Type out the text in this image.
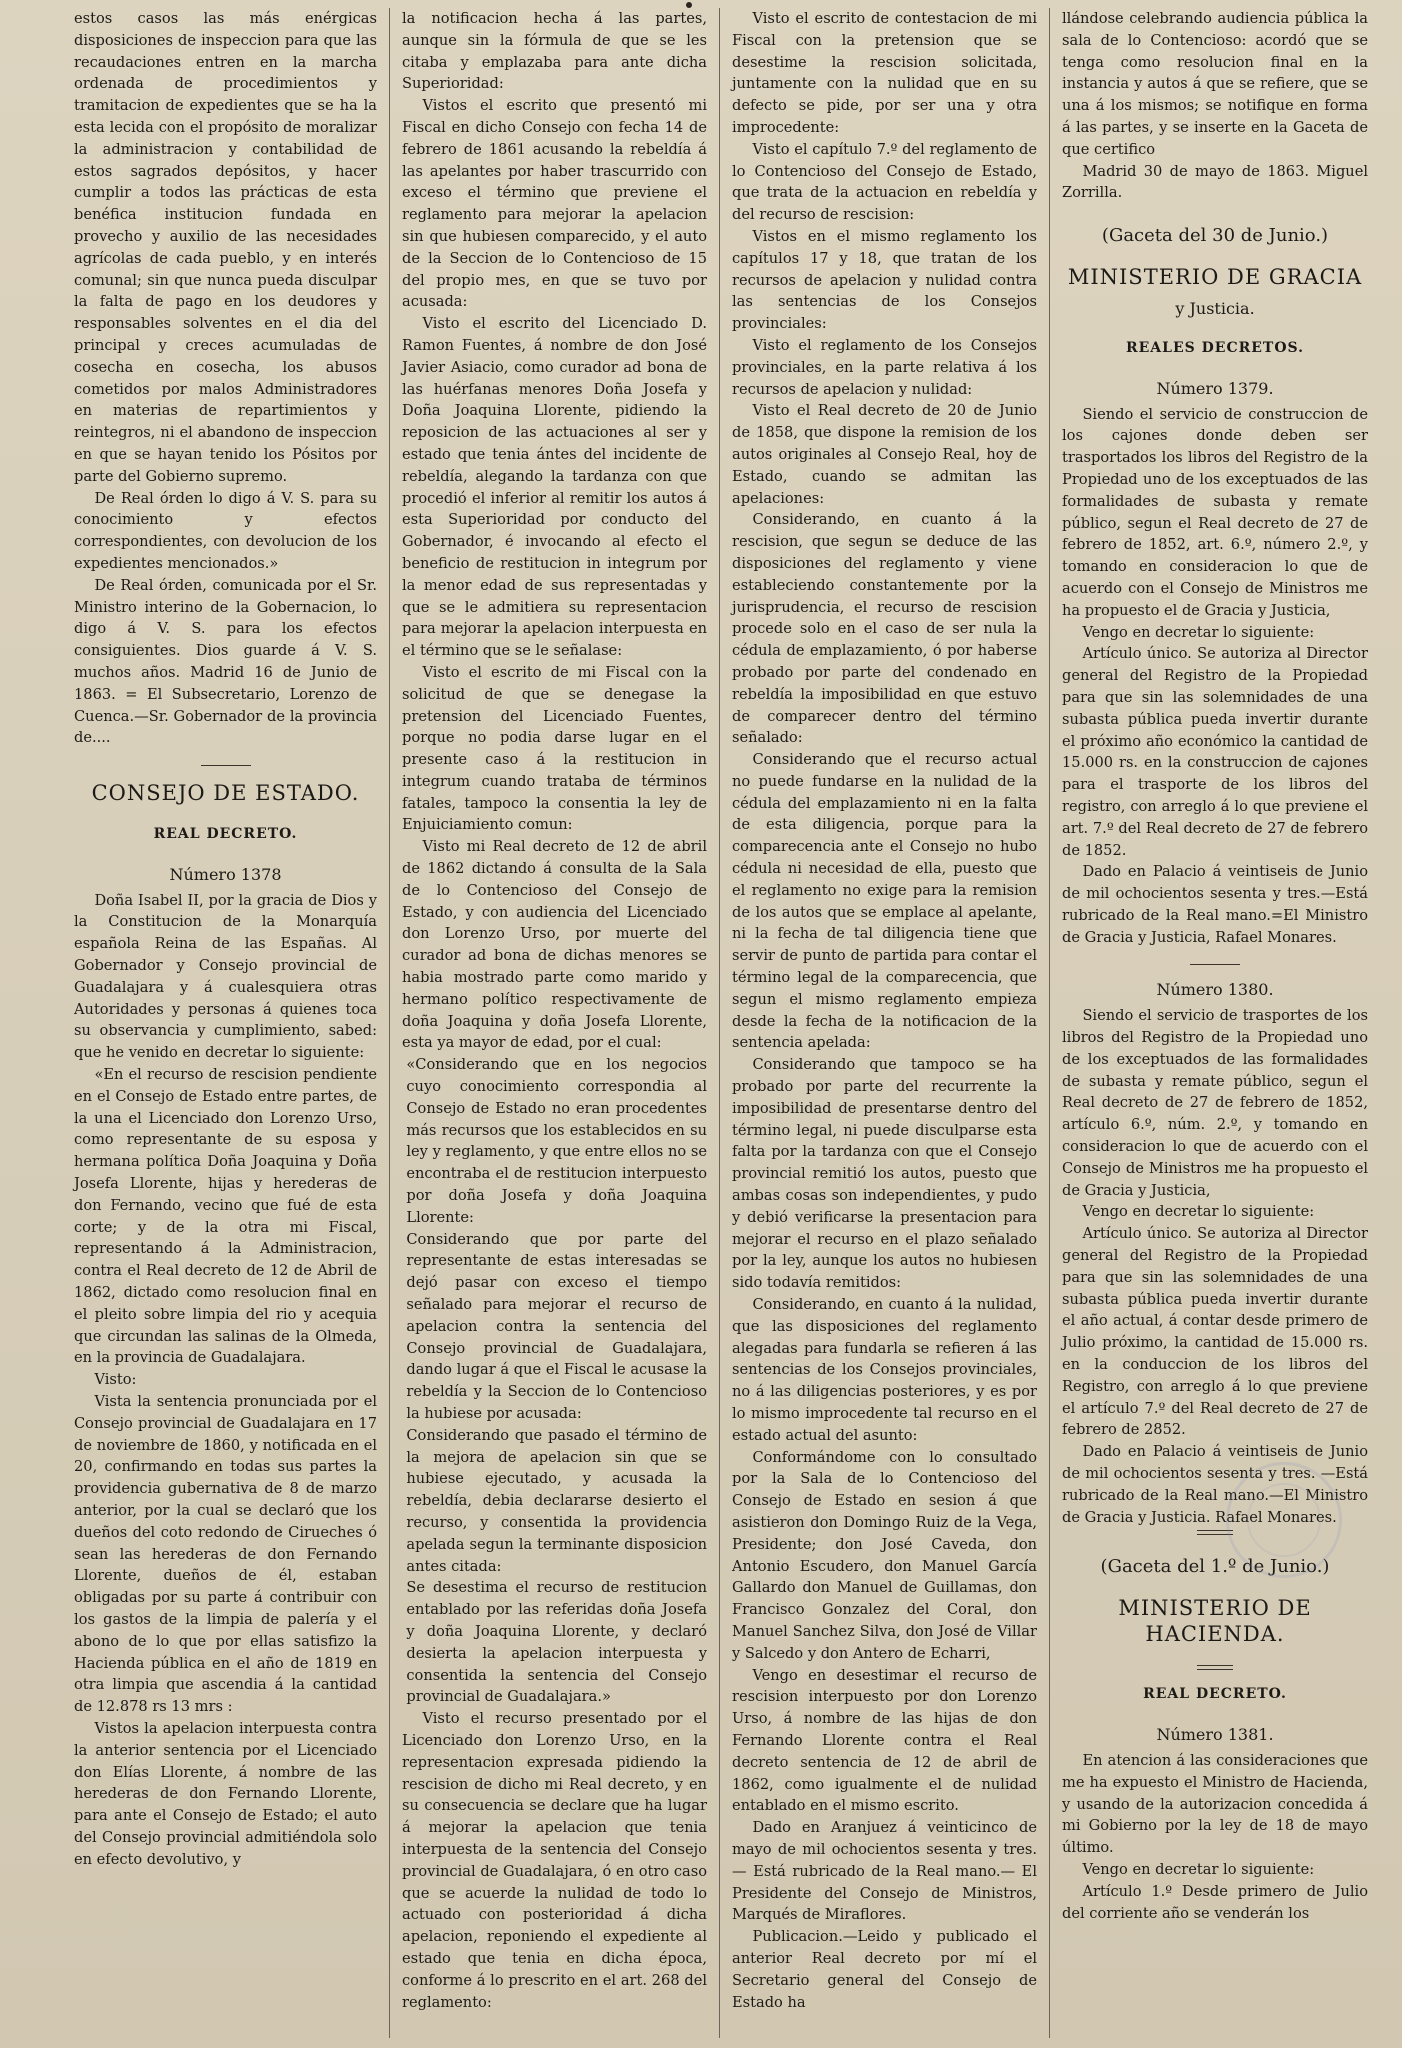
estos casos las más enérgicas disposiciones de inspeccion para que las recaudaciones entren en la marcha ordenada de procedimientos y tramitacion de expedientes que se ha la esta lecida con el propósito de moralizar la administracion y contabilidad de estos sagrados depósitos, y hacer cumplir a todos las prácticas de esta benéfica institucion fundada en provecho y auxilio de las necesidades agrícolas de cada pueblo, y en interés comunal; sin que nunca pueda disculpar la falta de pago en los deudores y responsables solventes en el dia del principal y creces acumuladas de cosecha en cosecha, los abusos cometidos por malos Administradores en materias de repartimientos y reintegros, ni el abandono de inspeccion en que se hayan tenido los Pósitos por parte del Gobierno supremo.

De Real órden lo digo á V. S. para su conocimiento y efectos correspondientes, con devolucion de los expedientes mencionados.»

De Real órden, comunicada por el Sr. Ministro interino de la Gobernacion, lo digo á V. S. para los efectos consiguientes. Dios guarde á V. S. muchos años. Madrid 16 de Junio de 1863. = El Subsecretario, Lorenzo de Cuenca.—Sr. Gobernador de la provincia de....

CONSEJO DE ESTADO.
REAL DECRETO.
Número 1378

Doña Isabel II, por la gracia de Dios y la Constitucion de la Monarquía española Reina de las Españas. Al Gobernador y Consejo provincial de Guadalajara y á cualesquiera otras Autoridades y personas á quienes toca su observancia y cumplimiento, sabed: que he venido en decretar lo siguiente:

«En el recurso de rescision pendiente en el Consejo de Estado entre partes, de la una el Licenciado don Lorenzo Urso, como representante de su esposa y hermana política Doña Joaquina y Doña Josefa Llorente, hijas y herederas de don Fernando, vecino que fué de esta corte; y de la otra mi Fiscal, representando á la Administracion, contra el Real decreto de 12 de Abril de 1862, dictado como resolucion final en el pleito sobre limpia del rio y acequia que circundan las salinas de la Olmeda, en la provincia de Guadalajara.

Visto:

Vista la sentencia pronunciada por el Consejo provincial de Guadalajara en 17 de noviembre de 1860, y notificada en el 20, confirmando en todas sus partes la providencia gubernativa de 8 de marzo anterior, por la cual se declaró que los dueños del coto redondo de Cirueches ó sean las herederas de don Fernando Llorente, dueños de él, estaban obligadas por su parte á contribuir con los gastos de la limpia de palería y el abono de lo que por ellas satisfizo la Hacienda pública en el año de 1819 en otra limpia que ascendia á la cantidad de 12.878 rs 13 mrs :

Vistos la apelacion interpuesta contra la anterior sentencia por el Licenciado don Elías Llorente, á nombre de las herederas de don Fernando Llorente, para ante el Consejo de Estado; el auto del Consejo provincial admitiéndola solo en efecto devolutivo, y

la notificacion hecha á las partes, aunque sin la fórmula de que se les citaba y emplazaba para ante dicha Superioridad:

Vistos el escrito que presentó mi Fiscal en dicho Consejo con fecha 14 de febrero de 1861 acusando la rebeldía á las apelantes por haber trascurrido con exceso el término que previene el reglamento para mejorar la apelacion sin que hubiesen comparecido, y el auto de la Seccion de lo Contencioso de 15 del propio mes, en que se tuvo por acusada:

Visto el escrito del Licenciado D. Ramon Fuentes, á nombre de don José Javier Asiacio, como curador ad bona de las huérfanas menores Doña Josefa y Doña Joaquina Llorente, pidiendo la reposicion de las actuaciones al ser y estado que tenia ántes del incidente de rebeldía, alegando la tardanza con que procedió el inferior al remitir los autos á esta Superioridad por conducto del Gobernador, é invocando al efecto el beneficio de restitucion in integrum por la menor edad de sus representadas y que se le admitiera su representacion para mejorar la apelacion interpuesta en el término que se le señalase:

Visto el escrito de mi Fiscal con la solicitud de que se denegase la pretension del Licenciado Fuentes, porque no podia darse lugar en el presente caso á la restitucion in integrum cuando trataba de términos fatales, tampoco la consentia la ley de Enjuiciamiento comun:

Visto mi Real decreto de 12 de abril de 1862 dictando á consulta de la Sala de lo Contencioso del Consejo de Estado, y con audiencia del Licenciado don Lorenzo Urso, por muerte del curador ad bona de dichas menores se habia mostrado parte como marido y hermano político respectivamente de doña Joaquina y doña Josefa Llorente, esta ya mayor de edad, por el cual:

«Considerando que en los negocios cuyo conocimiento correspondia al Consejo de Estado no eran procedentes más recursos que los establecidos en su ley y reglamento, y que entre ellos no se encontraba el de restitucion interpuesto por doña Josefa y doña Joaquina Llorente:

Considerando que por parte del representante de estas interesadas se dejó pasar con exceso el tiempo señalado para mejorar el recurso de apelacion contra la sentencia del Consejo provincial de Guadalajara, dando lugar á que el Fiscal le acusase la rebeldía y la Seccion de lo Contencioso la hubiese por acusada:

Considerando que pasado el término de la mejora de apelacion sin que se hubiese ejecutado, y acusada la rebeldía, debia declararse desierto el recurso, y consentida la providencia apelada segun la terminante disposicion antes citada:

Se desestima el recurso de restitucion entablado por las referidas doña Josefa y doña Joaquina Llorente, y declaró desierta la apelacion interpuesta y consentida la sentencia del Consejo provincial de Guadalajara.»

Visto el recurso presentado por el Licenciado don Lorenzo Urso, en la representacion expresada pidiendo la rescision de dicho mi Real decreto, y en su consecuencia se declare que ha lugar á mejorar la apelacion que tenia interpuesta de la sentencia del Consejo provincial de Guadalajara, ó en otro caso que se acuerde la nulidad de todo lo actuado con posterioridad á dicha apelacion, reponiendo el expediente al estado que tenia en dicha época, conforme á lo prescrito en el art. 268 del reglamento:

Visto el escrito de contestacion de mi Fiscal con la pretension que se desestime la rescision solicitada, juntamente con la nulidad que en su defecto se pide, por ser una y otra improcedente:

Visto el capítulo 7.º del reglamento de lo Contencioso del Consejo de Estado, que trata de la actuacion en rebeldía y del recurso de rescision:

Vistos en el mismo reglamento los capítulos 17 y 18, que tratan de los recursos de apelacion y nulidad contra las sentencias de los Consejos provinciales:

Visto el reglamento de los Consejos provinciales, en la parte relativa á los recursos de apelacion y nulidad:

Visto el Real decreto de 20 de Junio de 1858, que dispone la remision de los autos originales al Consejo Real, hoy de Estado, cuando se admitan las apelaciones:

Considerando, en cuanto á la rescision, que segun se deduce de las disposiciones del reglamento y viene estableciendo constantemente por la jurisprudencia, el recurso de rescision procede solo en el caso de ser nula la cédula de emplazamiento, ó por haberse probado por parte del condenado en rebeldía la imposibilidad en que estuvo de comparecer dentro del término señalado:

Considerando que el recurso actual no puede fundarse en la nulidad de la cédula del emplazamiento ni en la falta de esta diligencia, porque para la comparecencia ante el Consejo no hubo cédula ni necesidad de ella, puesto que el reglamento no exige para la remision de los autos que se emplace al apelante, ni la fecha de tal diligencia tiene que servir de punto de partida para contar el término legal de la comparecencia, que segun el mismo reglamento empieza desde la fecha de la notificacion de la sentencia apelada:

Considerando que tampoco se ha probado por parte del recurrente la imposibilidad de presentarse dentro del término legal, ni puede disculparse esta falta por la tardanza con que el Consejo provincial remitió los autos, puesto que ambas cosas son independientes, y pudo y debió verificarse la presentacion para mejorar el recurso en el plazo señalado por la ley, aunque los autos no hubiesen sido todavía remitidos:

Considerando, en cuanto á la nulidad, que las disposiciones del reglamento alegadas para fundarla se refieren á las sentencias de los Consejos provinciales, no á las diligencias posteriores, y es por lo mismo improcedente tal recurso en el estado actual del asunto:

Conformándome con lo consultado por la Sala de lo Contencioso del Consejo de Estado en sesion á que asistieron don Domingo Ruiz de la Vega, Presidente; don José Caveda, don Antonio Escudero, don Manuel García Gallardo don Manuel de Guillamas, don Francisco Gonzalez del Coral, don Manuel Sanchez Silva, don José de Villar y Salcedo y don Antero de Echarri,

Vengo en desestimar el recurso de rescision interpuesto por don Lorenzo Urso, á nombre de las hijas de don Fernando Llorente contra el Real decreto sentencia de 12 de abril de 1862, como igualmente el de nulidad entablado en el mismo escrito.

Dado en Aranjuez á veinticinco de mayo de mil ochocientos sesenta y tres. — Está rubricado de la Real mano.— El Presidente del Consejo de Ministros, Marqués de Miraflores.

Publicacion.—Leido y publicado el anterior Real decreto por mí el Secretario general del Consejo de Estado ha

llándose celebrando audiencia pública la sala de lo Contencioso: acordó que se tenga como resolucion final en la instancia y autos á que se refiere, que se una á los mismos; se notifique en forma á las partes, y se inserte en la Gaceta de que certifico

Madrid 30 de mayo de 1863. Miguel Zorrilla.

(Gaceta del 30 de Junio.)
MINISTERIO DE GRACIA
y Justicia.
REALES DECRETOS.
Número 1379.

Siendo el servicio de construccion de los cajones donde deben ser trasportados los libros del Registro de la Propiedad uno de los exceptuados de las formalidades de subasta y remate público, segun el Real decreto de 27 de febrero de 1852, art. 6.º, número 2.º, y tomando en consideracion lo que de acuerdo con el Consejo de Ministros me ha propuesto el de Gracia y Justicia,

Vengo en decretar lo siguiente:

Artículo único. Se autoriza al Director general del Registro de la Propiedad para que sin las solemnidades de una subasta pública pueda invertir durante el próximo año económico la cantidad de 15.000 rs. en la construccion de cajones para el trasporte de los libros del registro, con arreglo á lo que previene el art. 7.º del Real decreto de 27 de febrero de 1852.

Dado en Palacio á veintiseis de Junio de mil ochocientos sesenta y tres.—Está rubricado de la Real mano.=El Ministro de Gracia y Justicia, Rafael Monares.

Número 1380.

Siendo el servicio de trasportes de los libros del Registro de la Propiedad uno de los exceptuados de las formalidades de subasta y remate público, segun el Real decreto de 27 de febrero de 1852, artículo 6.º, núm. 2.º, y tomando en consideracion lo que de acuerdo con el Consejo de Ministros me ha propuesto el de Gracia y Justicia,

Vengo en decretar lo siguiente:

Artículo único. Se autoriza al Director general del Registro de la Propiedad para que sin las solemnidades de una subasta pública pueda invertir durante el año actual, á contar desde primero de Julio próximo, la cantidad de 15.000 rs. en la conduccion de los libros del Registro, con arreglo á lo que previene el artículo 7.º del Real decreto de 27 de febrero de 2852.

Dado en Palacio á veintiseis de Junio de mil ochocientos sesenta y tres. —Está rubricado de la Real mano.—El Ministro de Gracia y Justicia. Rafael Monares.

(Gaceta del 1.º de Junio.)
MINISTERIO DE HACIENDA.
REAL DECRETO.
Número 1381.

En atencion á las consideraciones que me ha expuesto el Ministro de Hacienda, y usando de la autorizacion concedida á mi Gobierno por la ley de 18 de mayo último.

Vengo en decretar lo siguiente:

Artículo 1.º Desde primero de Julio del corriente año se venderán los
